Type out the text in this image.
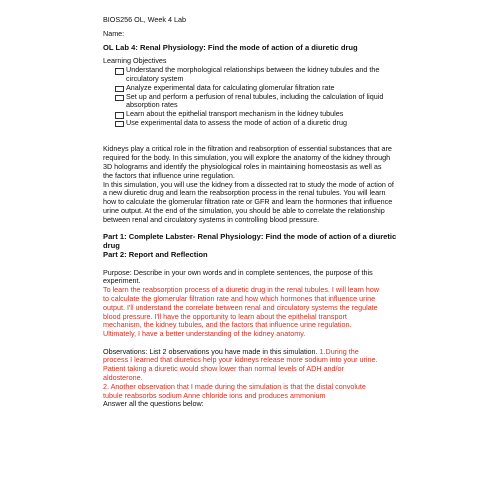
BIOS256 OL, Week 4 Lab
Name:
OL Lab 4: Renal Physiology: Find the mode of action of a diuretic drug
Learning Objectives
Understand the morphological relationships between the kidney tubules and the
circulatory system
Analyze experimental data for calculating glomerular filtration rate
Set up and perform a perfusion of renal tubules, including the calculation of liquid
absorption rates
Learn about the epithelial transport mechanism in the kidney tubules
Use experimental data to assess the mode of action of a diuretic drug
Kidneys play a critical role in the filtration and reabsorption of essential substances that are
required for the body. In this simulation, you will explore the anatomy of the kidney through
3D holograms and identify the physiological roles in maintaining homeostasis as well as
the factors that influence urine regulation.
In this simulation, you will use the kidney from a dissected rat to study the mode of action of
a new diuretic drug and learn the reabsorption process in the renal tubules. You will learn
how to calculate the glomerular filtration rate or GFR and learn the hormones that influence
urine output. At the end of the simulation, you should be able to correlate the relationship
between renal and circulatory systems in controlling blood pressure.
Part 1: Complete Labster- Renal Physiology: Find the mode of action of a diuretic
drug
Part 2: Report and Reflection
Purpose: Describe in your own words and in complete sentences, the purpose of this
experiment.
To learn the reabsorption process of a diuretic drug in the renal tubules. I will learn how
to calculate the glomerular filtration rate and how which hormones that influence urine
output. I'll understand the correlate between renal and circulatory systems the regulate
blood pressure. I'll have the opportunity to learn about the epithelial transport
mechanism, the kidney tubules, and the factors that influence urine regulation.
Ultimately, I have a better understanding of the kidney anatomy.
Observations: List 2 observations you have made in this simulation. 1.During the
process I learned that diuretics help your kidneys release more sodium into your urine.
Patient taking a diuretic would show lower than normal levels of ADH and/or
aldosterone.
2. Another observation that I made during the simulation is that the distal convolute
tubule reabsorbs sodium Anne chloride ions and produces ammonium
Answer all the questions below:
